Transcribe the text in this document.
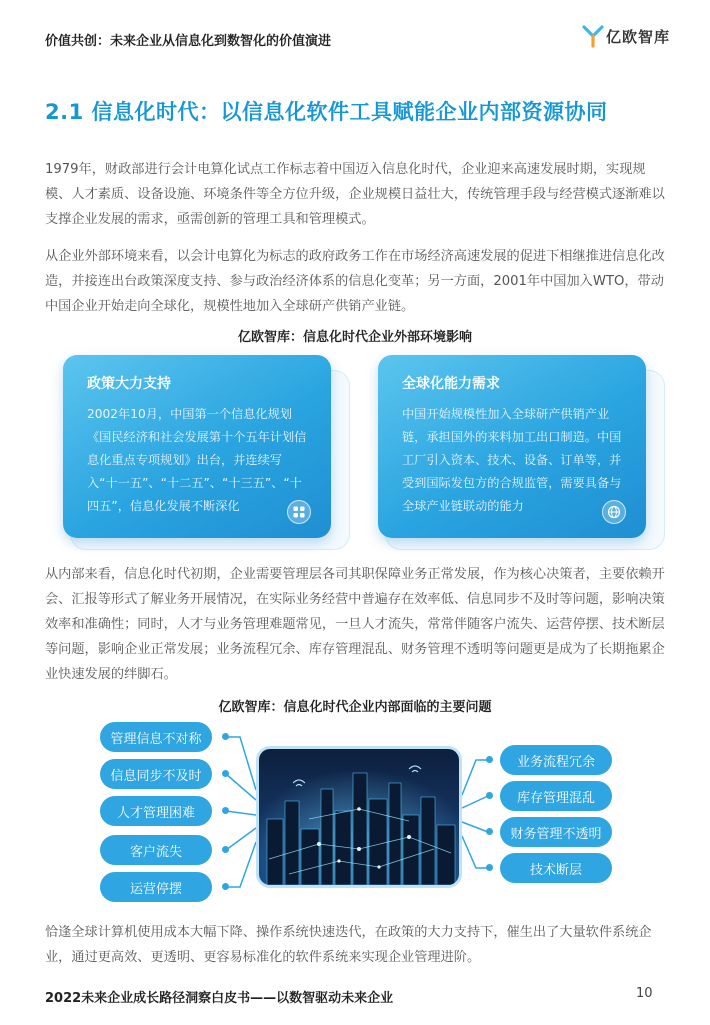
价值共创：未来企业从信息化到数智化的价值演进	亿欧智库
2.1 信息化时代：以信息化软件工具赋能企业内部资源协同

1979年，财政部进行会计电算化试点工作标志着中国迈入信息化时代，企业迎来高速发展时期，实现规模、人才素质、设备设施、环境条件等全方位升级，企业规模日益壮大，传统管理手段与经营模式逐渐难以支撑企业发展的需求，亟需创新的管理工具和管理模式。

从企业外部环境来看，以会计电算化为标志的政府政务工作在市场经济高速发展的促进下相继推进信息化改造，并接连出台政策深度支持、参与政治经济体系的信息化变革；另一方面，2001年中国加入WTO，带动中国企业开始走向全球化，规模性地加入全球研产供销产业链。

亿欧智库：信息化时代企业外部环境影响
政策大力支持
2002年10月，中国第一个信息化规划《国民经济和社会发展第十个五年计划信息化重点专项规划》出台，并连续写入“十一五”、“十二五”、“十三五”、“十四五”，信息化发展不断深化
全球化能力需求
中国开始规模性加入全球研产供销产业链，承担国外的来料加工出口制造。中国工厂引入资本、技术、设备、订单等，并受到国际发包方的合规监管，需要具备与全球产业链联动的能力

从内部来看，信息化时代初期，企业需要管理层各司其职保障业务正常发展，作为核心决策者，主要依赖开会、汇报等形式了解业务开展情况，在实际业务经营中普遍存在效率低、信息同步不及时等问题，影响决策效率和准确性；同时，人才与业务管理难题常见，一旦人才流失，常常伴随客户流失、运营停摆、技术断层等问题，影响企业正常发展；业务流程冗余、库存管理混乱、财务管理不透明等问题更是成为了长期拖累企业快速发展的绊脚石。

亿欧智库：信息化时代企业内部面临的主要问题
管理信息不对称
信息同步不及时
人才管理困难
客户流失
运营停摆
业务流程冗余
库存管理混乱
财务管理不透明
技术断层

恰逢全球计算机使用成本大幅下降、操作系统快速迭代，在政策的大力支持下，催生出了大量软件系统企业，通过更高效、更透明、更容易标准化的软件系统来实现企业管理进阶。

2022未来企业成长路径洞察白皮书——以数智驱动未来企业	10
